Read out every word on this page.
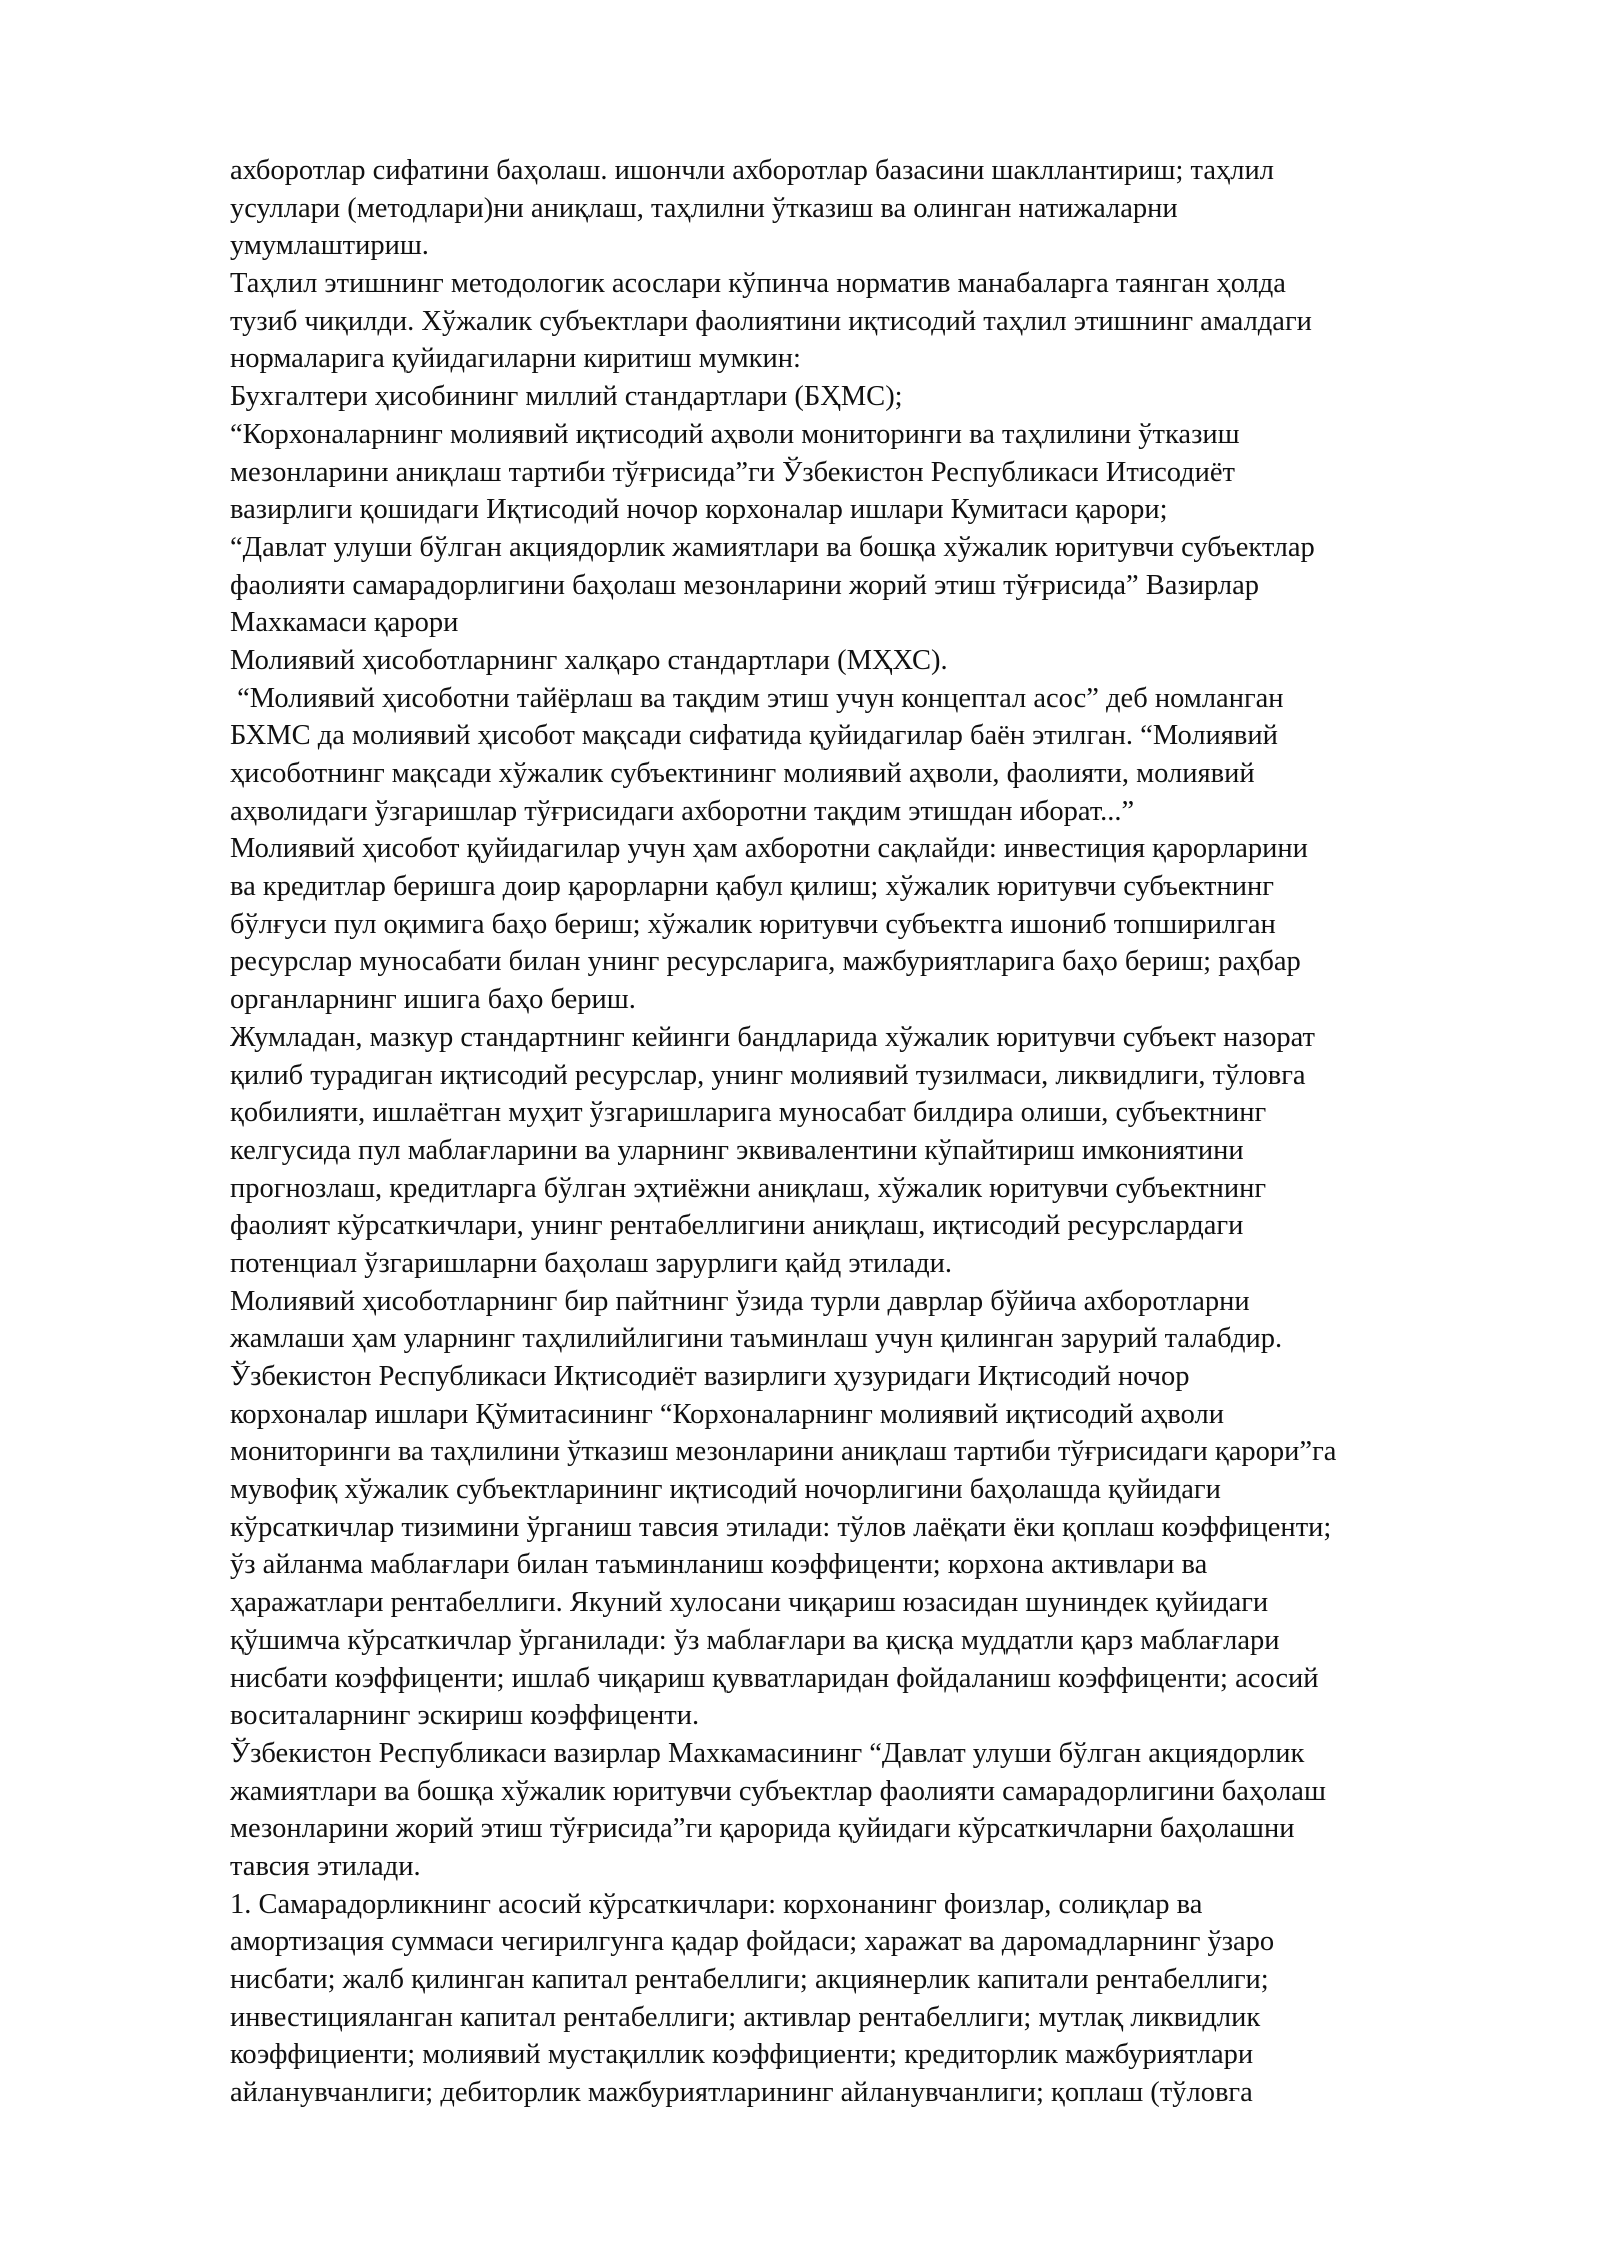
ахборотлар сифатини баҳолаш. ишончли ахборотлар базасини шакллантириш; таҳлил
усуллари (методлари)ни аниқлаш, таҳлилни ўтказиш ва олинган натижаларни
умумлаштириш.
Таҳлил этишнинг методологик асослари кўпинча норматив манабаларга таянган ҳолда
тузиб чиқилди. Хўжалик субъектлари фаолиятини иқтисодий таҳлил этишнинг амалдаги
нормаларига қуйидагиларни киритиш мумкин:
Бухгалтери ҳисобининг миллий стандартлари (БҲМС);
“Корхоналарнинг молиявий иқтисодий аҳволи мониторинги ва таҳлилини ўтказиш
мезонларини аниқлаш тартиби тўғрисида”ги Ўзбекистон Республикаси Итисодиёт
вазирлиги қошидаги Иқтисодий ночор корхоналар ишлари Кумитаси қарори;
“Давлат улуши бўлган акциядорлик жамиятлари ва бошқа хўжалик юритувчи субъектлар
фаолияти самарадорлигини баҳолаш мезонларини жорий этиш тўғрисида” Вазирлар
Махкамаси қарори
Молиявий ҳисоботларнинг халқаро стандартлари (МҲХС).
“Молиявий ҳисоботни тайёрлаш ва тақдим этиш учун концептал асос” деб номланган
БХМС да молиявий ҳисобот мақсади сифатида қуйидагилар баён этилган. “Молиявий
ҳисоботнинг мақсади хўжалик субъектининг молиявий аҳволи, фаолияти, молиявий
аҳволидаги ўзгаришлар тўғрисидаги ахборотни тақдим этишдан иборат...”
Молиявий ҳисобот қуйидагилар учун ҳам ахборотни сақлайди: инвестиция қарорларини
ва кредитлар беришга доир қарорларни қабул қилиш; хўжалик юритувчи субъектнинг
бўлғуси пул оқимига баҳо бериш; хўжалик юритувчи субъектга ишониб топширилган
ресурслар муносабати билан унинг ресурсларига, мажбуриятларига баҳо бериш; раҳбар
органларнинг ишига баҳо бериш.
Жумладан, мазкур стандартнинг кейинги бандларида хўжалик юритувчи субъект назорат
қилиб турадиган иқтисодий ресурслар, унинг молиявий тузилмаси, ликвидлиги, тўловга
қобилияти, ишлаётган муҳит ўзгаришларига муносабат билдира олиши, субъектнинг
келгусида пул маблағларини ва уларнинг эквивалентини кўпайтириш имкониятини
прогнозлаш, кредитларга бўлган эҳтиёжни аниқлаш, хўжалик юритувчи субъектнинг
фаолият кўрсаткичлари, унинг рентабеллигини аниқлаш, иқтисодий ресурслардаги
потенциал ўзгаришларни баҳолаш зарурлиги қайд этилади.
Молиявий ҳисоботларнинг бир пайтнинг ўзида турли даврлар бўйича ахборотларни
жамлаши ҳам уларнинг таҳлилийлигини таъминлаш учун қилинган зарурий талабдир.
Ўзбекистон Республикаси Иқтисодиёт вазирлиги ҳузуридаги Иқтисодий ночор
корхоналар ишлари Қўмитасининг “Корхоналарнинг молиявий иқтисодий аҳволи
мониторинги ва таҳлилини ўтказиш мезонларини аниқлаш тартиби тўғрисидаги қарори”га
мувофиқ хўжалик субъектларининг иқтисодий ночорлигини баҳолашда қуйидаги
кўрсаткичлар тизимини ўрганиш тавсия этилади: тўлов лаёқати ёки қоплаш коэффиценти;
ўз айланма маблағлари билан таъминланиш коэффиценти; корхона активлари ва
ҳаражатлари рентабеллиги. Якуний хулосани чиқариш юзасидан шуниндек қуйидаги
қўшимча кўрсаткичлар ўрганилади: ўз маблағлари ва қисқа муддатли қарз маблағлари
нисбати коэффиценти; ишлаб чиқариш қувватларидан фойдаланиш коэффиценти; асосий
воситаларнинг эскириш коэффиценти.
Ўзбекистон Республикаси вазирлар Махкамасининг “Давлат улуши бўлган акциядорлик
жамиятлари ва бошқа хўжалик юритувчи субъектлар фаолияти самарадорлигини баҳолаш
мезонларини жорий этиш тўғрисида”ги қарорида қуйидаги кўрсаткичларни баҳолашни
тавсия этилади.
1. Самарадорликнинг асосий кўрсаткичлари: корхонанинг фоизлар, солиқлар ва
амортизация суммаси чегирилгунга қадар фойдаси; харажат ва даромадларнинг ўзаро
нисбати; жалб қилинган капитал рентабеллиги; акциянерлик капитали рентабеллиги;
инвестицияланган капитал рентабеллиги; активлар рентабеллиги; мутлақ ликвидлик
коэффициенти; молиявий мустақиллик коэффициенти; кредиторлик мажбуриятлари
айланувчанлиги; дебиторлик мажбуриятларининг айланувчанлиги; қоплаш (тўловга
